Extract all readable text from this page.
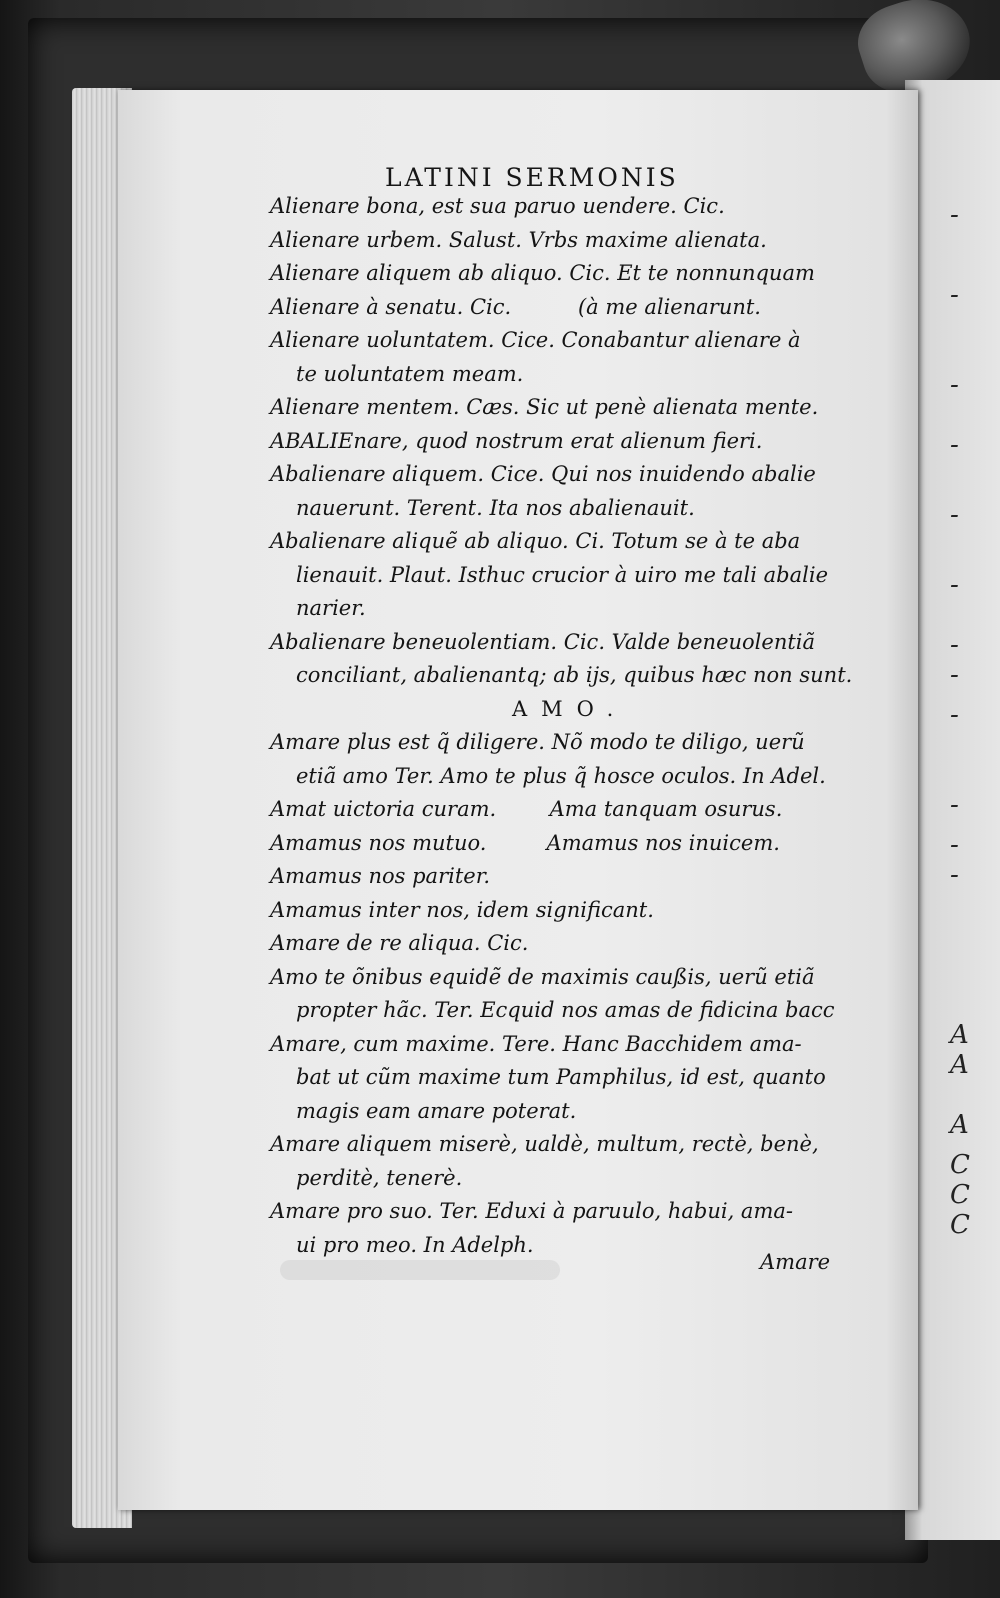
LATINI SERMONIS
Alienare bona, est sua paruo uendere. Cic.
Alienare urbem. Salust. Vrbs maxime alienata.
Alienare aliquem ab aliquo. Cic. Et te nonnunquam
Alienare à senatu. Cic.          (à me alienarunt.
Alienare uoluntatem. Cice. Conabantur alienare à
te uoluntatem meam.
Alienare mentem. Cæs. Sic ut penè alienata mente.
ABALIEnare, quod nostrum erat alienum fieri.
Abalienare aliquem. Cice. Qui nos inuidendo abalie
nauerunt. Terent. Ita nos abalienauit.
Abalienare aliquẽ ab aliquo. Ci. Totum se à te aba
lienauit. Plaut. Isthuc crucior à uiro me tali abalie
narier.
Abalienare beneuolentiam. Cic. Valde beneuolentiã
conciliant, abalienantq; ab ijs, quibus hæc non sunt.
AMO.
Amare plus est q̃ diligere. Nõ modo te diligo, uerũ
etiã amo Ter. Amo te plus q̃ hosce oculos. In Adel.
Amat uictoria curam.        Ama tanquam osurus.
Amamus nos mutuo.         Amamus nos inuicem.
Amamus nos pariter.
Amamus inter nos, idem significant.
Amare de re aliqua. Cic.
Amo te õnibus equidẽ de maximis caußis, uerũ etiã
propter hãc. Ter. Ecquid nos amas de fidicina bacc
Amare, cum maxime. Tere. Hanc Bacchidem ama-
bat ut cũm maxime tum Pamphilus, id est, quanto
magis eam amare poterat.
Amare aliquem miserè, ualdè, multum, rectè, benè,
perditè, tenerè.
Amare pro suo. Ter. Eduxi à paruulo, habui, ama-
ui pro meo. In Adelph.
Amare
-
-
-
-
-
-
-
-
-
-
-
-
A
A
A
C
C
C
